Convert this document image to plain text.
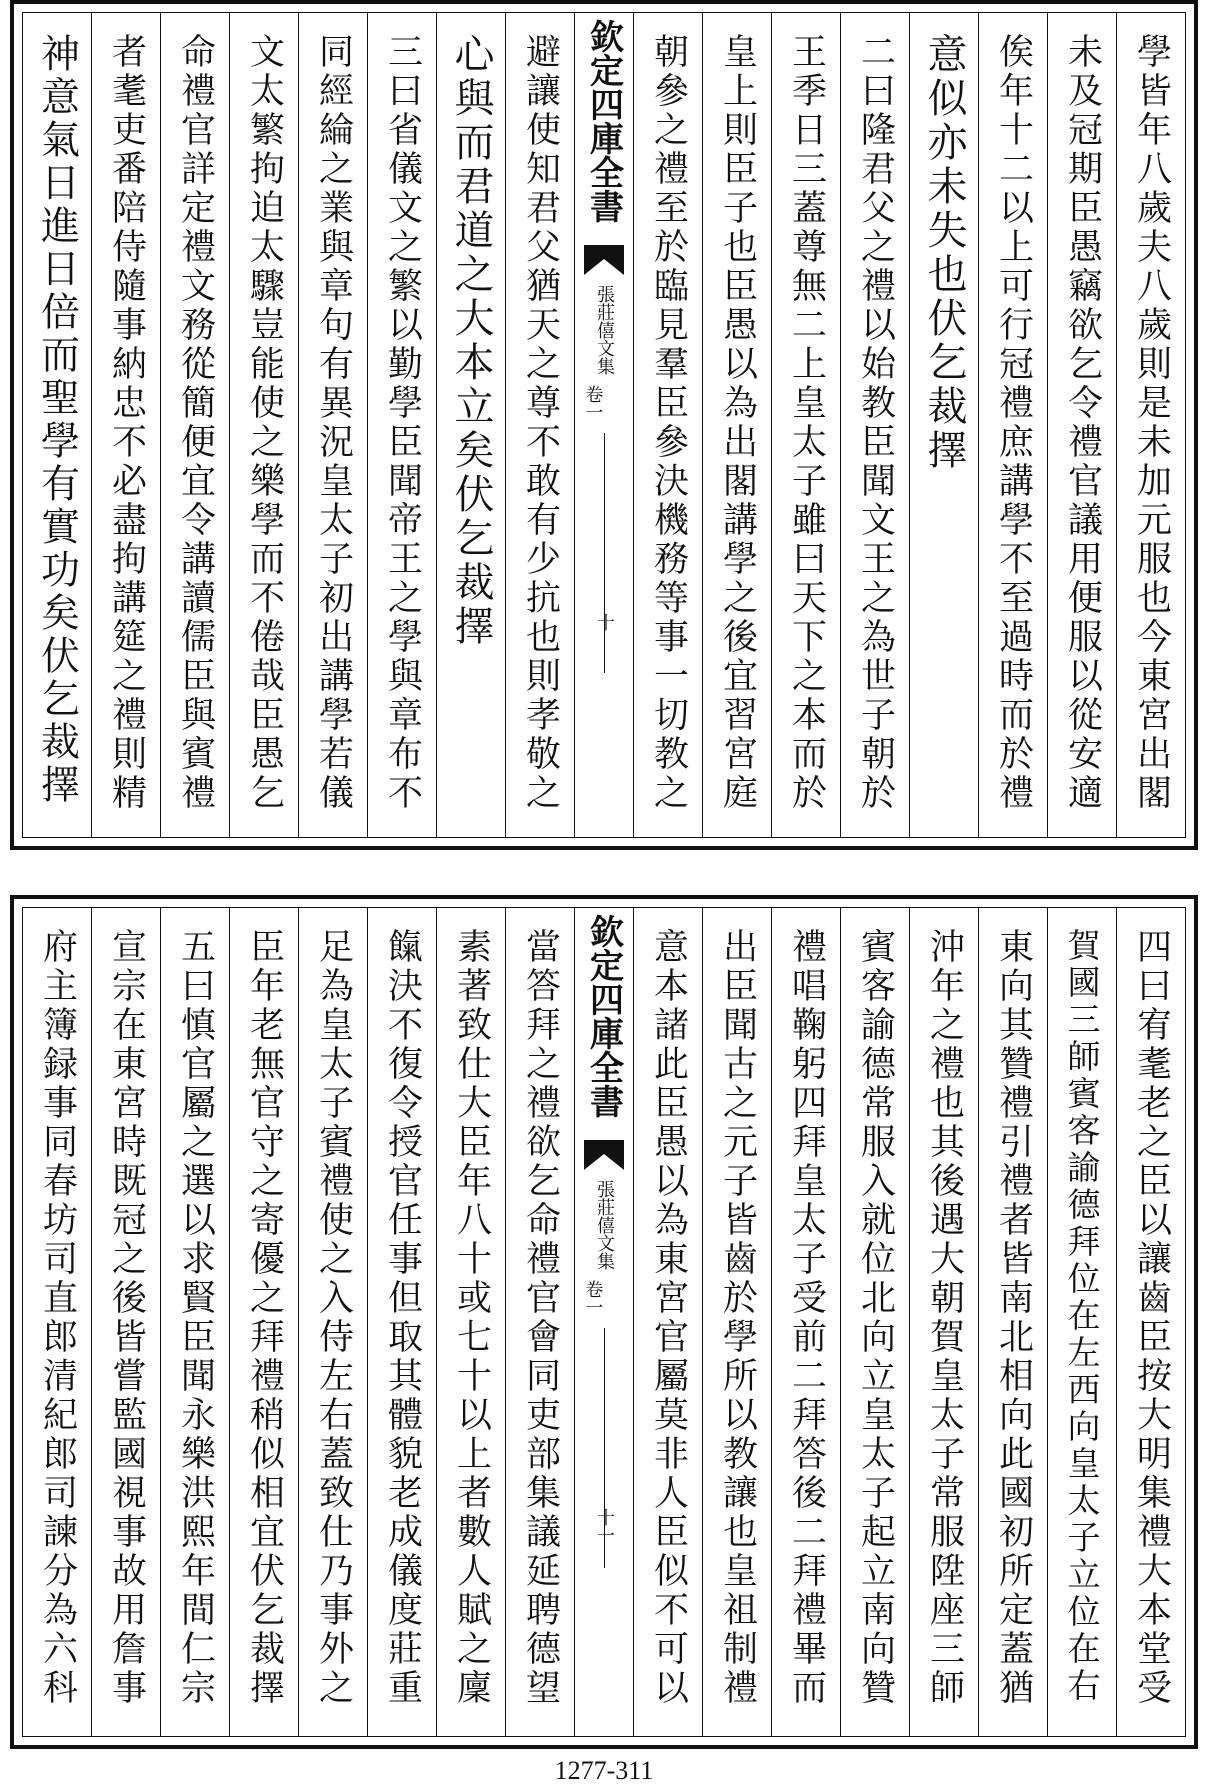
學皆年八歲夫八歲則是未加元服也今東宮出閣
未及冠期臣愚竊欲乞令禮官議用便服以從安適
俟年十二以上可行冠禮庶講學不至過時而於禮
意似亦未失也伏乞裁擇
二曰隆君父之禮以始教臣聞文王之為世子朝於
王季日三蓋尊無二上皇太子雖曰天下之本而於
皇上則臣子也臣愚以為出閣講學之後宜習宮庭
朝參之禮至於臨見羣臣參決機務等事一切教之
欽定四庫全書
張莊僖文集
卷一
十
避讓使知君父猶天之尊不敢有少抗也則孝敬之
心與而君道之大本立矣伏乞裁擇
三曰省儀文之繁以勤學臣聞帝王之學與章布不
同經綸之業與章句有異況皇太子初出講學若儀
文太繁拘迫太驟豈能使之樂學而不倦哉臣愚乞
命禮官詳定禮文務從簡便宜令講讀儒臣與賓禮
者耄吏番陪侍隨事納忠不必盡拘講筵之禮則精
神意氣日進日倍而聖學有實功矣伏乞裁擇
四曰宥耄老之臣以讓齒臣按大明集禮大本堂受
賀國三師賓客諭德拜位在左西向皇太子立位在右
東向其贊禮引禮者皆南北相向此國初所定蓋猶
沖年之禮也其後遇大朝賀皇太子常服陞座三師
賓客諭德常服入就位北向立皇太子起立南向贊
禮唱鞠躬四拜皇太子受前二拜答後二拜禮畢而
出臣聞古之元子皆齒於學所以教讓也皇祖制禮
意本諸此臣愚以為東宮官屬莫非人臣似不可以
欽定四庫全書
張莊僖文集
卷一
十一
當答拜之禮欲乞命禮官會同吏部集議延聘德望
素著致仕大臣年八十或七十以上者數人賦之廩
餼決不復令授官任事但取其體貌老成儀度莊重
足為皇太子賓禮使之入侍左右蓋致仕乃事外之
臣年老無官守之寄優之拜禮稍似相宜伏乞裁擇
五曰慎官屬之選以求賢臣聞永樂洪熙年間仁宗
宣宗在東宮時既冠之後皆嘗監國視事故用詹事
府主簿録事同春坊司直郎清紀郎司諫分為六科
1277-311
